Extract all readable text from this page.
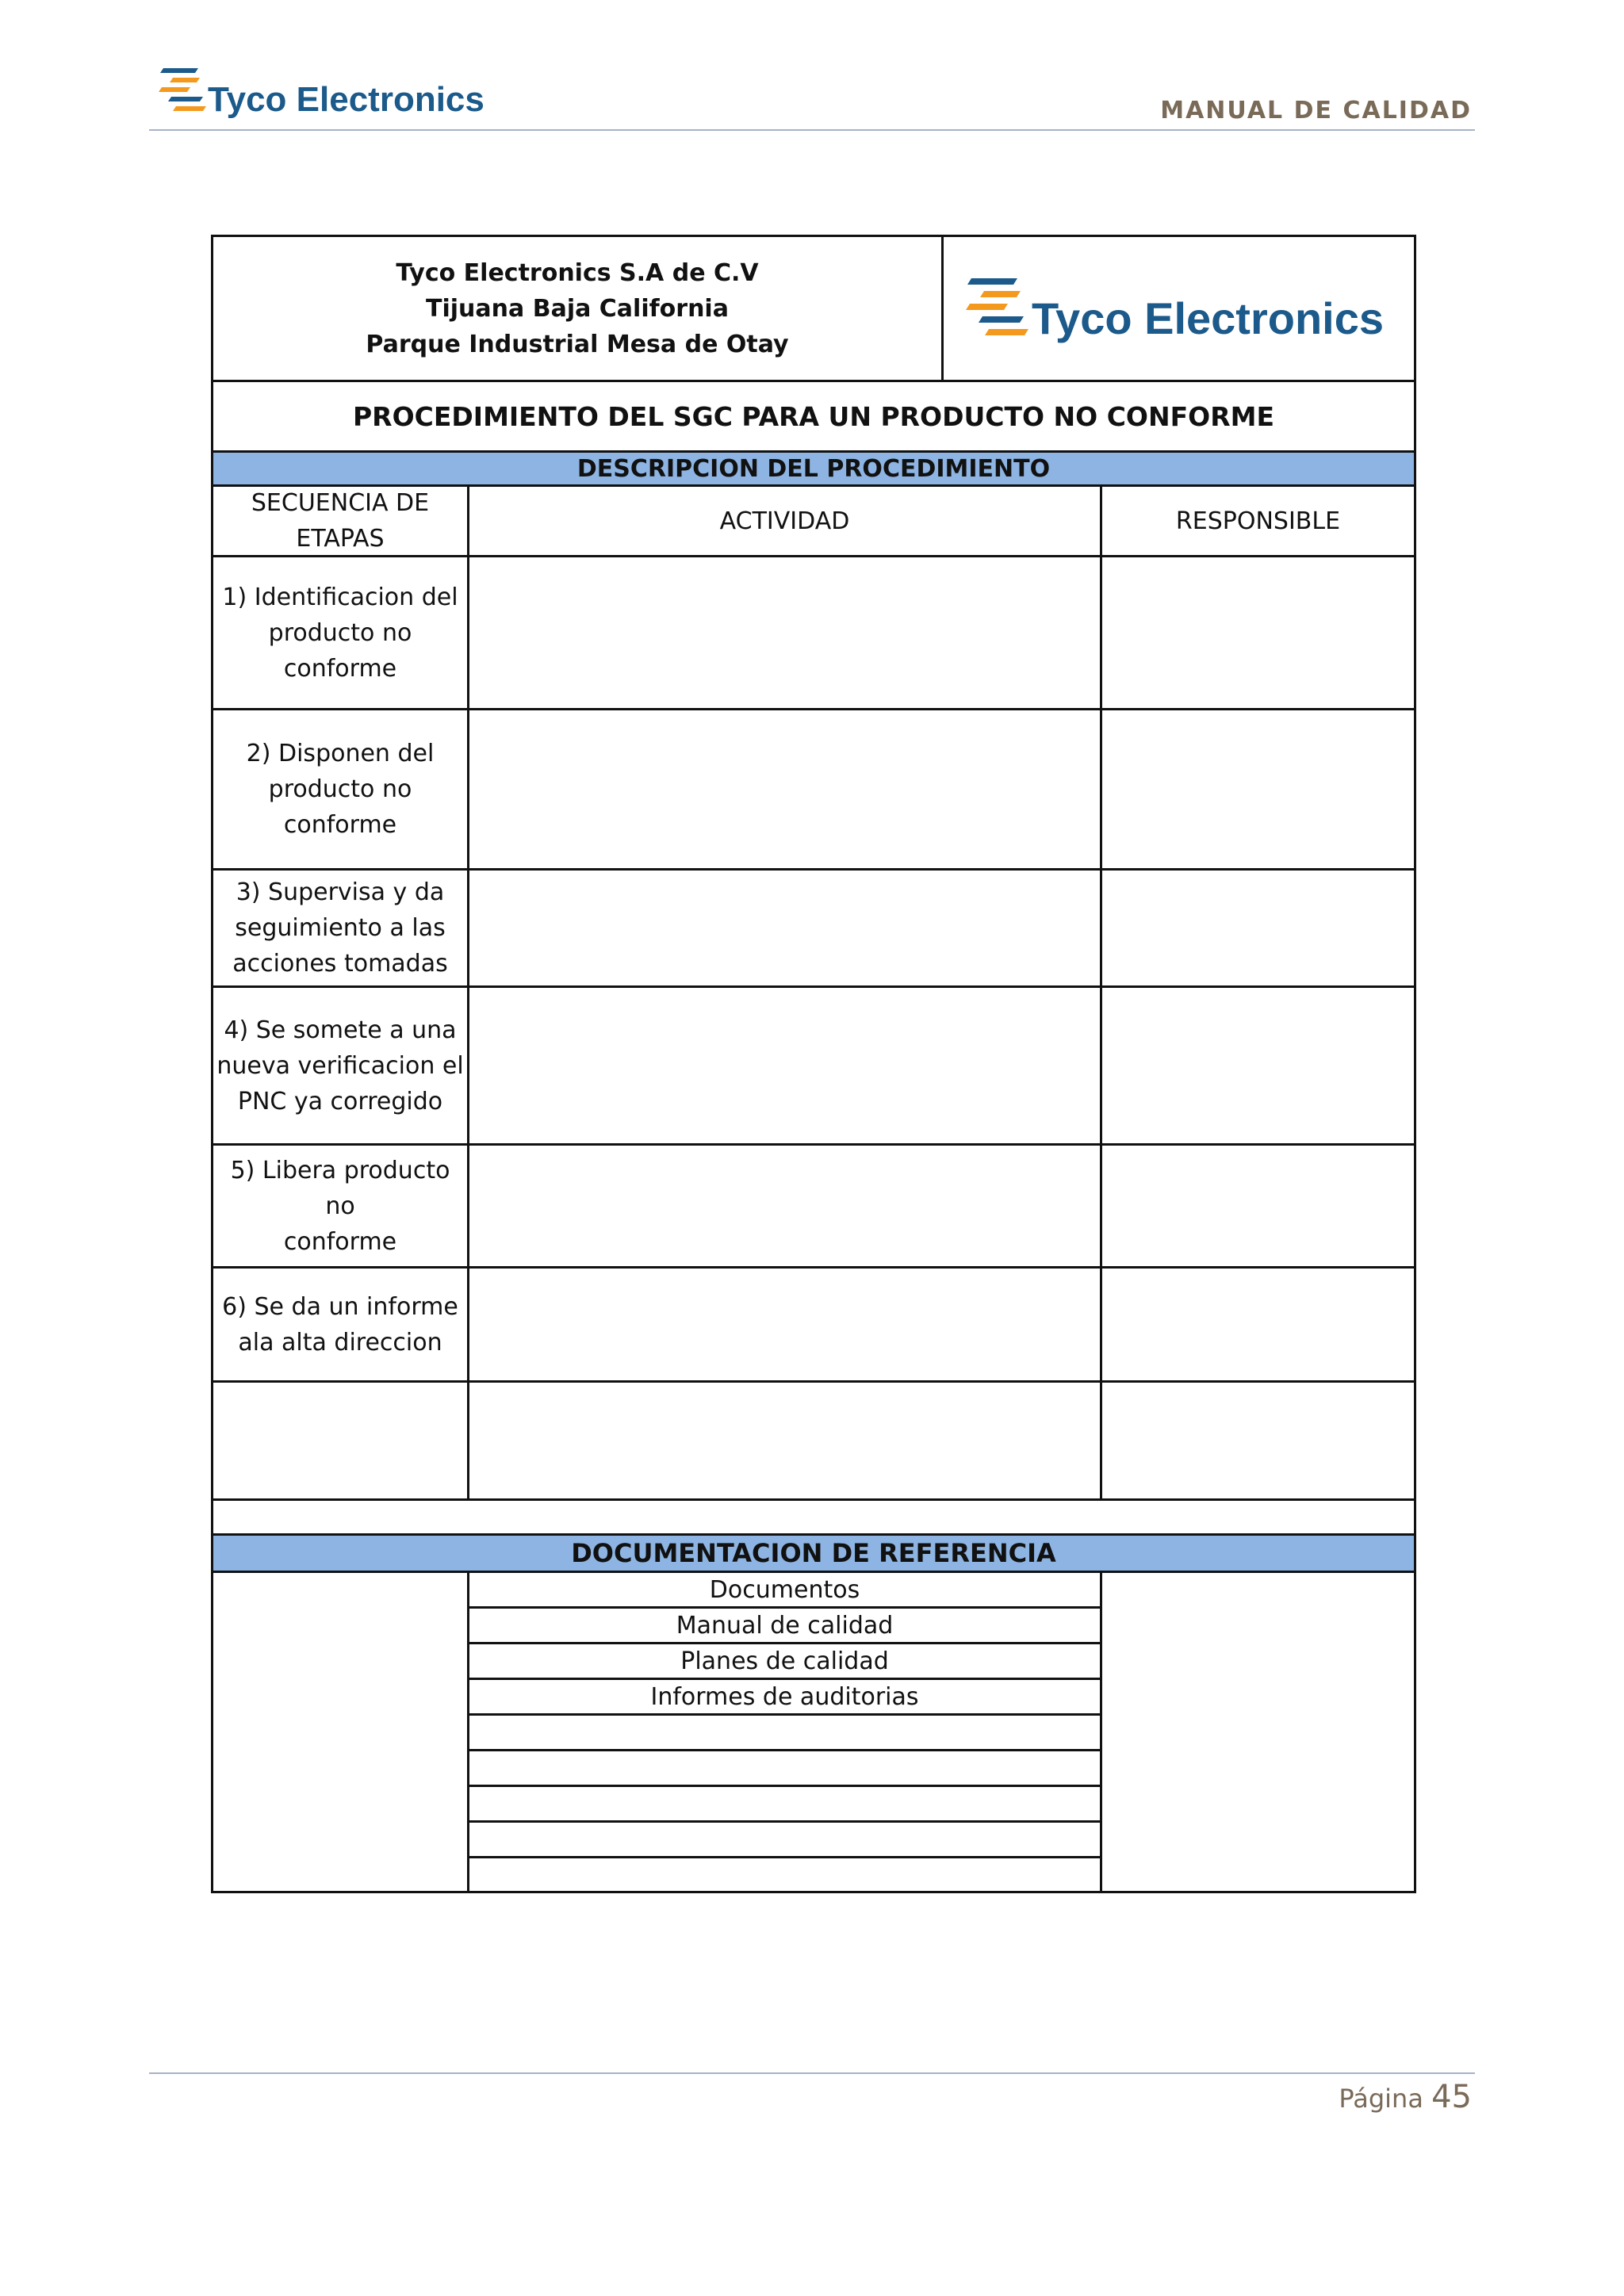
Tyco Electronics	MANUAL DE CALIDAD
Tyco Electronics S.A de C.V
Tijuana Baja California
Parque Industrial Mesa de Otay
Tyco Electronics
PROCEDIMIENTO DEL SGC PARA UN PRODUCTO NO CONFORME
DESCRIPCION DEL PROCEDIMIENTO
SECUENCIA DE
ETAPAS
ACTIVIDAD	RESPONSIBLE
1) Identificacion del
producto no
conforme
2) Disponen del
producto no
conforme
3) Supervisa y da
seguimiento a las
acciones tomadas
4) Se somete a una
nueva verificacion el
PNC ya corregido
5) Libera producto no
conforme
6) Se da un informe
ala alta direccion
DOCUMENTACION DE REFERENCIA
Documentos
Manual de calidad
Planes de calidad
Informes de auditorias
Página 45
